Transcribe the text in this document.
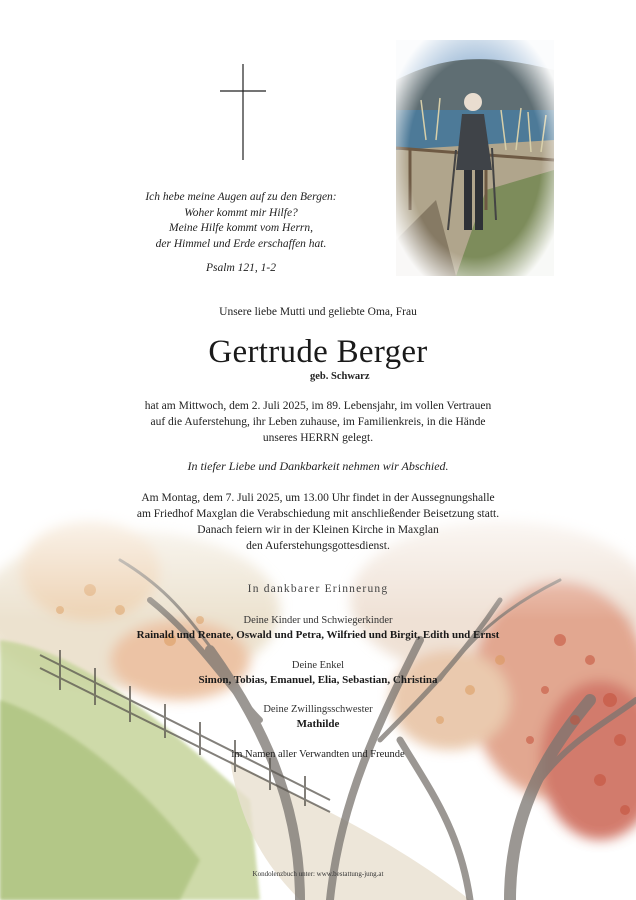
Ich hebe meine Augen auf zu den Bergen:
Woher kommt mir Hilfe?
Meine Hilfe kommt vom Herrn,
der Himmel und Erde erschaffen hat.
Psalm 121, 1-2
Unsere liebe Mutti und geliebte Oma, Frau
Gertrude Berger
geb. Schwarz
hat am Mittwoch, dem 2. Juli 2025, im 89. Lebensjahr, im vollen Vertrauen
auf die Auferstehung, ihr Leben zuhause, im Familienkreis, in die Hände
unseres HERRN gelegt.
In tiefer Liebe und Dankbarkeit nehmen wir Abschied.
Am Montag, dem 7. Juli 2025, um 13.00 Uhr findet in der Aussegnungshalle
am Friedhof Maxglan die Verabschiedung mit anschließender Beisetzung statt.
Danach feiern wir in der Kleinen Kirche in Maxglan
den Auferstehungsgottesdienst.
In dankbarer Erinnerung
Deine Kinder und Schwiegerkinder
Rainald und Renate, Oswald und Petra, Wilfried und Birgit, Edith und Ernst
Deine Enkel
Simon, Tobias, Emanuel, Elia, Sebastian, Christina
Deine Zwillingsschwester
Mathilde
im Namen aller Verwandten und Freunde
Kondolenzbuch unter: www.bestattung-jung.at
